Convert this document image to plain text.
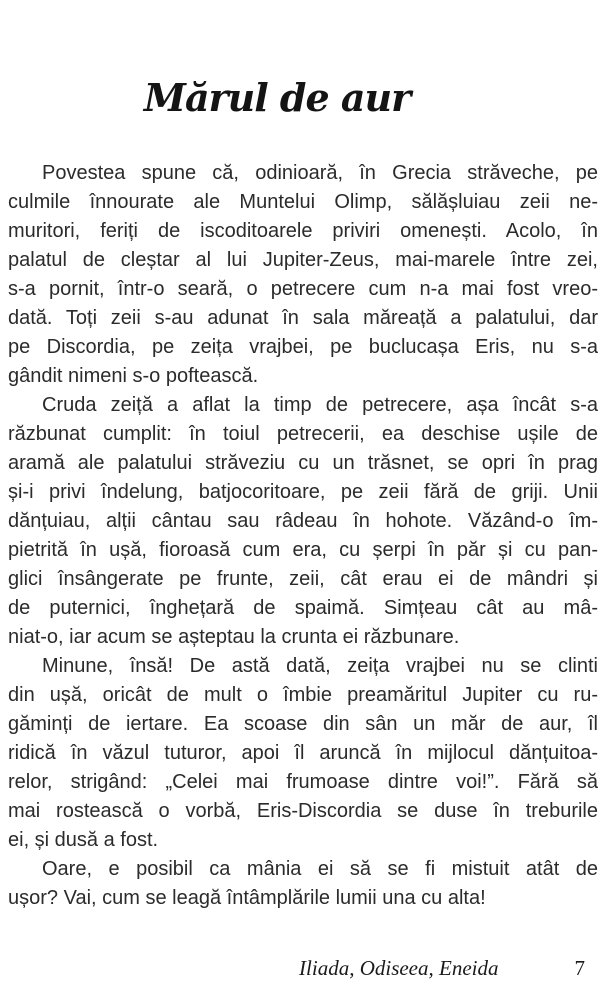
Mărul de aur
Povestea spune că, odinioară, în Grecia străveche, pe
culmile înnourate ale Muntelui Olimp, sălășluiau zeii ne-
muritori, feriți de iscoditoarele priviri omenești. Acolo, în
palatul de cleștar al lui Jupiter-Zeus, mai-marele între zei,
s-a pornit, într-o seară, o petrecere cum n-a mai fost vreo-
dată. Toți zeii s-au adunat în sala măreață a palatului, dar
pe Discordia, pe zeița vrajbei, pe buclucașa Eris, nu s-a
gândit nimeni s-o poftească.
Cruda zeiță a aflat la timp de petrecere, așa încât s-a
răzbunat cumplit: în toiul petrecerii, ea deschise ușile de
aramă ale palatului străveziu cu un trăsnet, se opri în prag
și-i privi îndelung, batjocoritoare, pe zeii fără de griji. Unii
dănțuiau, alții cântau sau râdeau în hohote. Văzând-o îm-
pietrită în ușă, fioroasă cum era, cu șerpi în păr și cu pan-
glici însângerate pe frunte, zeii, cât erau ei de mândri și
de puternici, înghețară de spaimă. Simțeau cât au mâ-
niat-o, iar acum se așteptau la crunta ei răzbunare.
Minune, însă! De astă dată, zeița vrajbei nu se clinti
din ușă, oricât de mult o îmbie preamăritul Jupiter cu ru-
găminți de iertare. Ea scoase din sân un măr de aur, îl
ridică în văzul tuturor, apoi îl aruncă în mijlocul dănțuitoa-
relor, strigând: „Celei mai frumoase dintre voi!”. Fără să
mai rostească o vorbă, Eris-Discordia se duse în treburile
ei, și dusă a fost.
Oare, e posibil ca mânia ei să se fi mistuit atât de
ușor? Vai, cum se leagă întâmplările lumii una cu alta!
Iliada, Odiseea, Eneida	7
